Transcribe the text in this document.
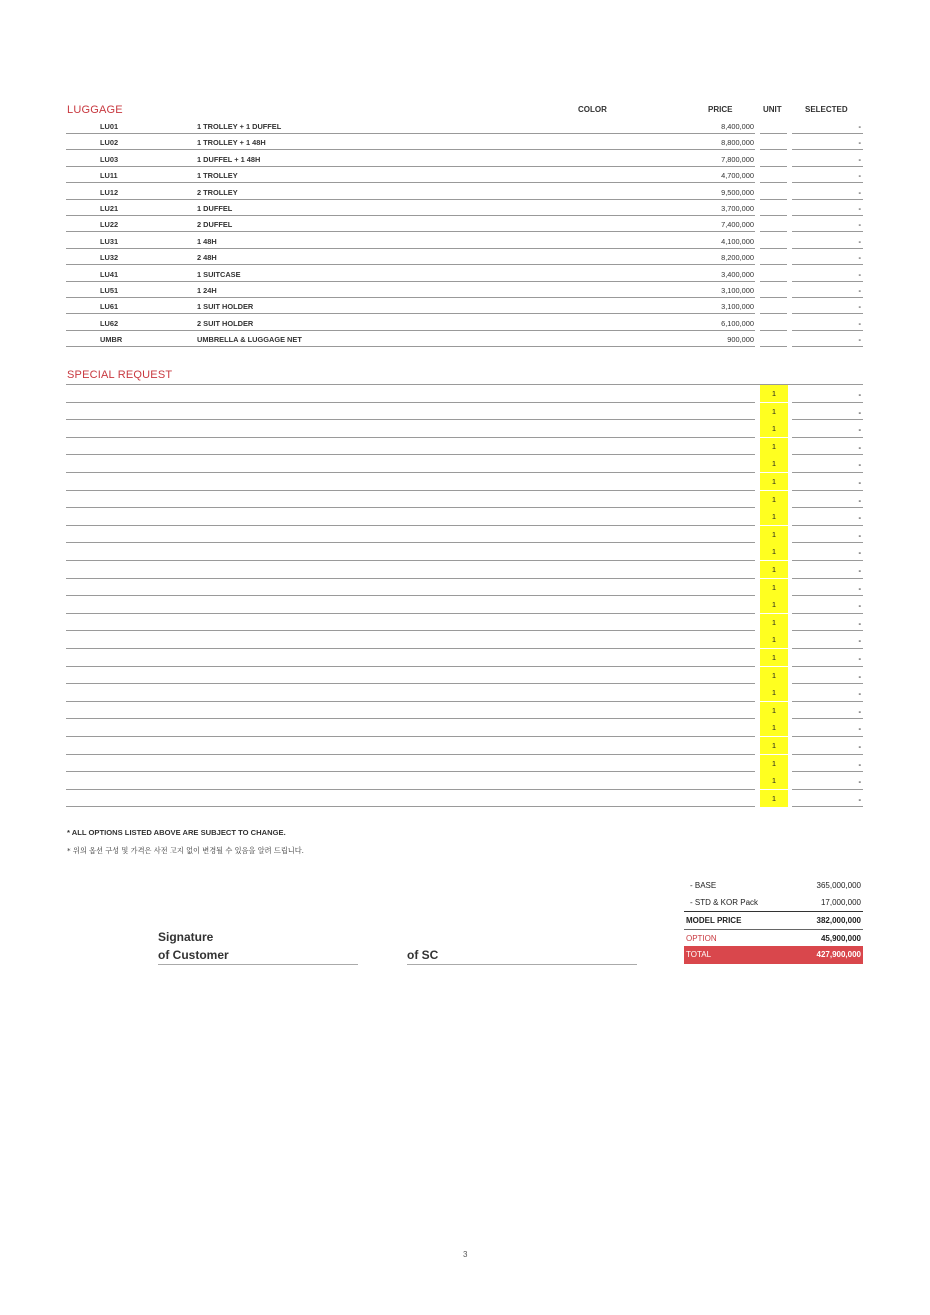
LUGGAGE	COLOR	PRICE	UNIT	SELECTED
LU01	1 TROLLEY + 1 DUFFEL	8,400,000	-
LU02	1 TROLLEY + 1 48H	8,800,000	-
LU03	1 DUFFEL + 1 48H	7,800,000	-
LU11	1 TROLLEY	4,700,000	-
LU12	2 TROLLEY	9,500,000	-
LU21	1 DUFFEL	3,700,000	-
LU22	2 DUFFEL	7,400,000	-
LU31	1 48H	4,100,000	-
LU32	2 48H	8,200,000	-
LU41	1 SUITCASE	3,400,000	-
LU51	1 24H	3,100,000	-
LU61	1 SUIT HOLDER	3,100,000	-
LU62	2 SUIT HOLDER	6,100,000	-
UMBR	UMBRELLA & LUGGAGE NET	900,000	-
SPECIAL REQUEST
1	-
1	-
1	-
1	-
1	-
1	-
1	-
1	-
1	-
1	-
1	-
1	-
1	-
1	-
1	-
1	-
1	-
1	-
1	-
1	-
1	-
1	-
1	-
1	-
* ALL OPTIONS LISTED ABOVE ARE SUBJECT TO CHANGE.
* 위의 옵션 구성 및 가격은 사전 고지 없이 변경될 수 있음을 알려 드립니다.
- BASE	365,000,000
- STD & KOR Pack	17,000,000
MODEL PRICE	382,000,000
OPTION	45,900,000
TOTAL	427,900,000
Signature
of Customer	of SC
3
